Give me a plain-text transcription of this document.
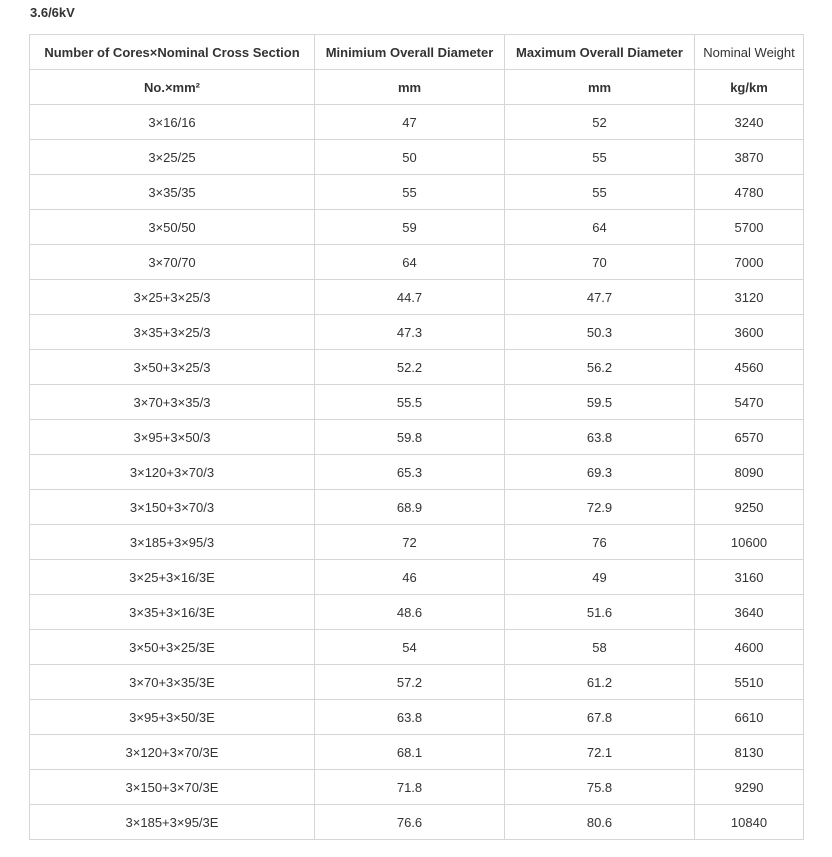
3.6/6kV
Number of Cores×Nominal Cross Section	Minimium Overall Diameter	Maximum Overall Diameter	Nominal Weight
No.×mm²	mm	mm	kg/km
3×16/16	47	52	3240
3×25/25	50	55	3870
3×35/35	55	55	4780
3×50/50	59	64	5700
3×70/70	64	70	7000
3×25+3×25/3	44.7	47.7	3120
3×35+3×25/3	47.3	50.3	3600
3×50+3×25/3	52.2	56.2	4560
3×70+3×35/3	55.5	59.5	5470
3×95+3×50/3	59.8	63.8	6570
3×120+3×70/3	65.3	69.3	8090
3×150+3×70/3	68.9	72.9	9250
3×185+3×95/3	72	76	10600
3×25+3×16/3E	46	49	3160
3×35+3×16/3E	48.6	51.6	3640
3×50+3×25/3E	54	58	4600
3×70+3×35/3E	57.2	61.2	5510
3×95+3×50/3E	63.8	67.8	6610
3×120+3×70/3E	68.1	72.1	8130
3×150+3×70/3E	71.8	75.8	9290
3×185+3×95/3E	76.6	80.6	10840
